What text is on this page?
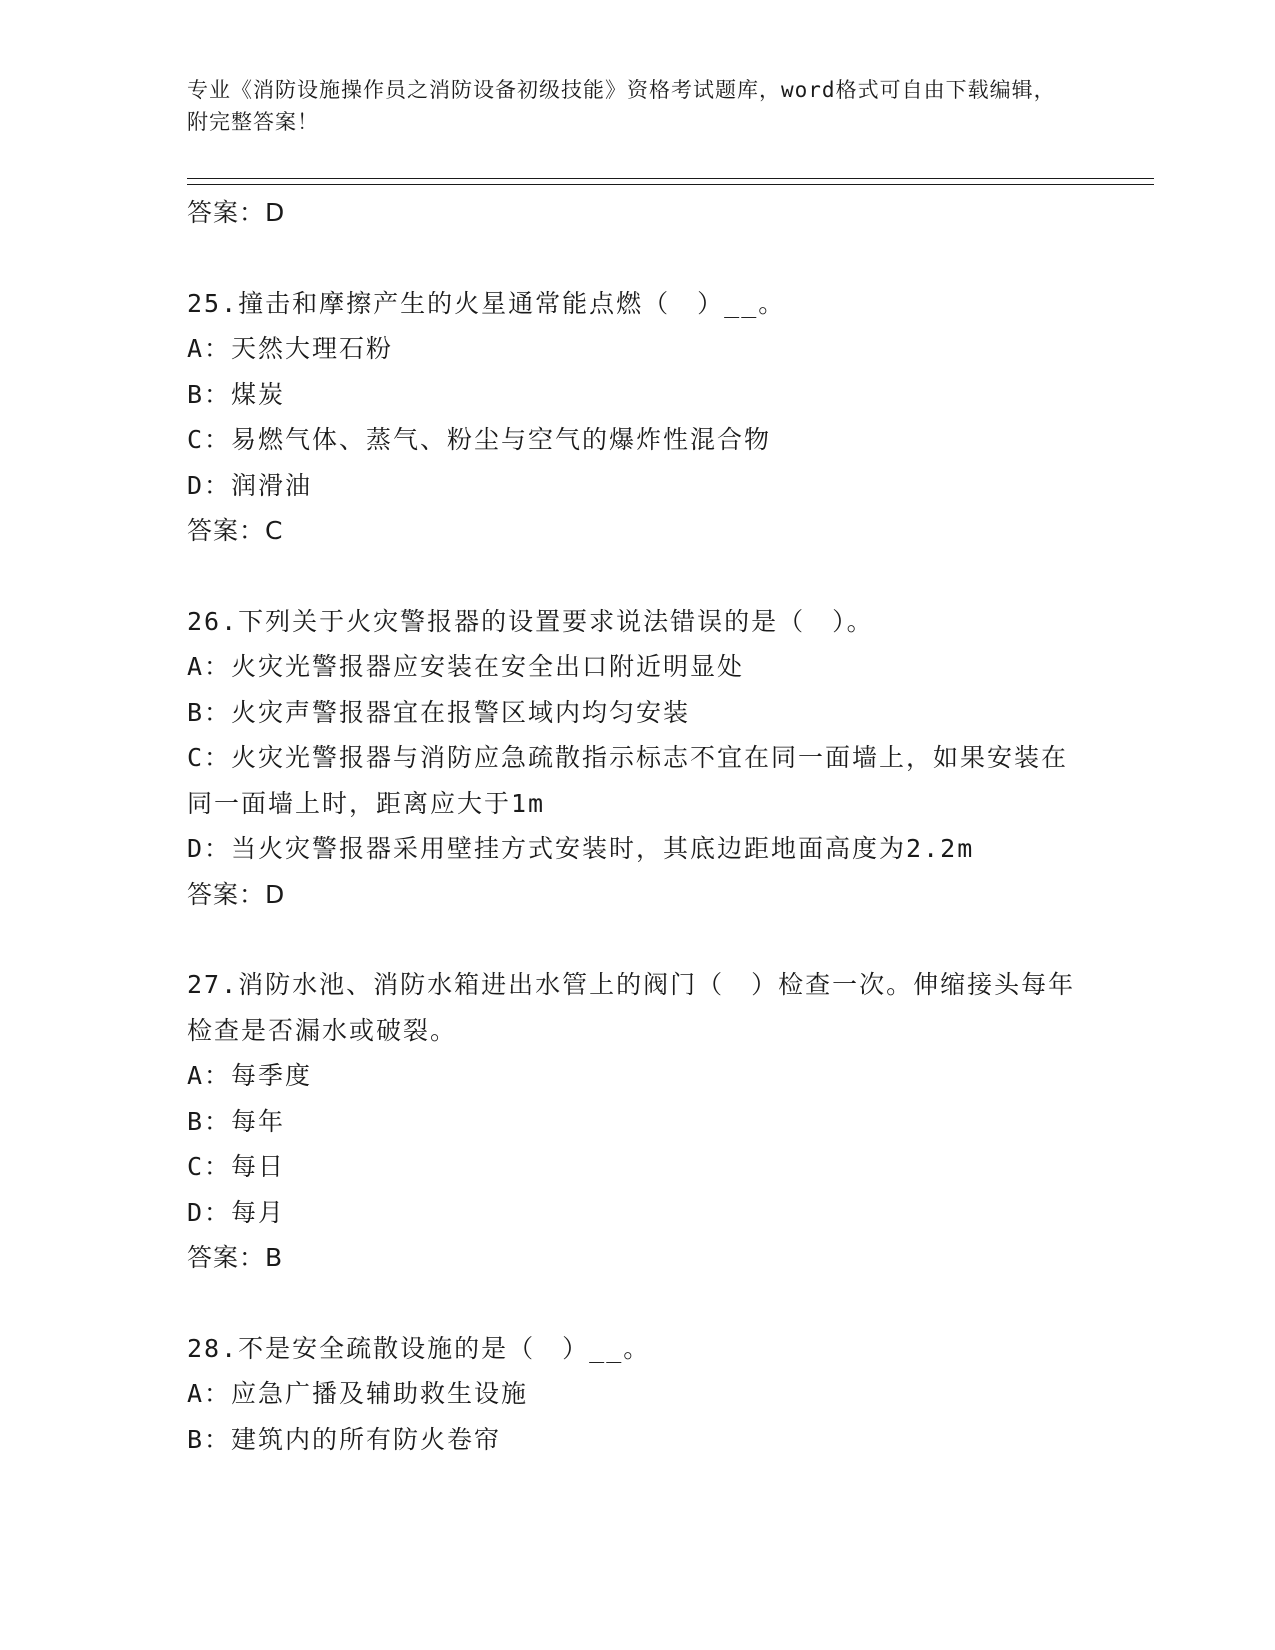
专业《消防设施操作员之消防设备初级技能》资格考试题库，word格式可自由下载编辑，附完整答案！
答案：D
25.撞击和摩擦产生的火星通常能点燃（　）__。
A：天然大理石粉
B：煤炭
C：易燃气体、蒸气、粉尘与空气的爆炸性混合物
D：润滑油
答案：C
26.下列关于火灾警报器的设置要求说法错误的是（　）。
A：火灾光警报器应安装在安全出口附近明显处
B：火灾声警报器宜在报警区域内均匀安装
C：火灾光警报器与消防应急疏散指示标志不宜在同一面墙上，如果安装在同一面墙上时，距离应大于1m
D：当火灾警报器采用壁挂方式安装时，其底边距地面高度为2.2m
答案：D
27.消防水池、消防水箱进出水管上的阀门（　）检查一次。伸缩接头每年检查是否漏水或破裂。
A：每季度
B：每年
C：每日
D：每月
答案：B
28.不是安全疏散设施的是（　）__。
A：应急广播及辅助救生设施
B：建筑内的所有防火卷帘
